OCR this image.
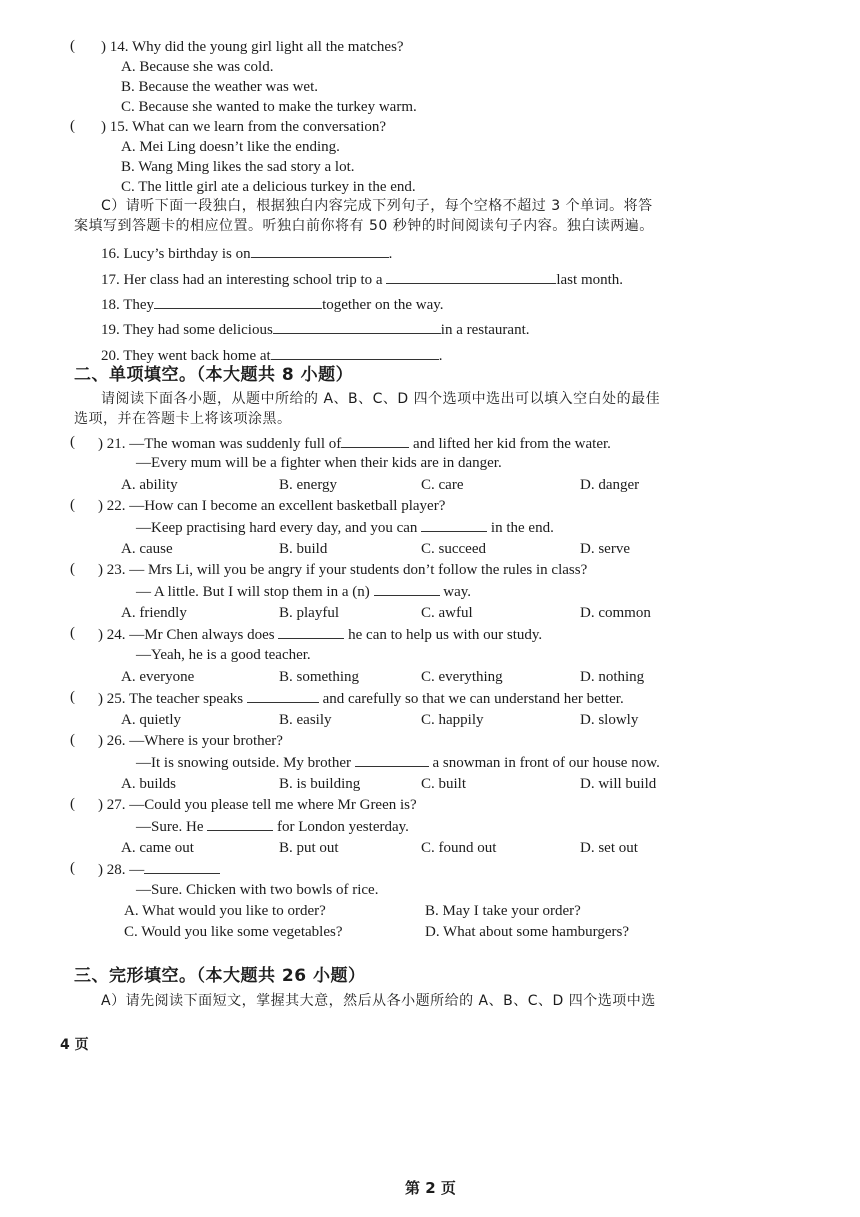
( ) 14. Why did the young girl light all the matches?
A. Because she was cold.
B. Because the weather was wet.
C. Because she wanted to make the turkey warm.
( ) 15. What can we learn from the conversation?
A. Mei Ling doesn’t like the ending.
B. Wang Ming likes the sad story a lot.
C. The little girl ate a delicious turkey in the end.
C）请听下面一段独白，根据独白内容完成下列句子，每个空格不超过 3 个单词。将答
案填写到答题卡的相应位置。听独白前你将有 50 秒钟的时间阅读句子内容。独白读两遍。
16. Lucy’s birthday is on	.
17. Her class had an interesting school trip to a	last month.
18. They	together on the way.
19. They had some delicious	in a restaurant.
20. They went back home at	.
二、单项填空。（本大题共 8 小题）
请阅读下面各小题，从题中所给的 A、B、C、D 四个选项中选出可以填入空白处的最佳
选项，并在答题卡上将该项涂黑。
( ) 21. —The woman was suddenly full of	and lifted her kid from the water.
—Every mum will be a fighter when their kids are in danger.
A. ability	B. energy	C. care	D. danger
( ) 22. —How can I become an excellent basketball player?
—Keep practising hard every day, and you can	in the end.
A. cause	B. build	C. succeed	D. serve
( ) 23. — Mrs Li, will you be angry if your students don’t follow the rules in class?
— A little. But I will stop them in a (n)	way.
A. friendly	B. playful	C. awful	D. common
( ) 24. —Mr Chen always does	he can to help us with our study.
—Yeah, he is a good teacher.
A. everyone	B. something	C. everything	D. nothing
( ) 25. The teacher speaks	and carefully so that we can understand her better.
A. quietly	B. easily	C. happily	D. slowly
( ) 26. —Where is your brother?
—It is snowing outside. My brother	a snowman in front of our house now.
A. builds	B. is building	C. built	D. will build
( ) 27. —Could you please tell me where Mr Green is?
—Sure. He	for London yesterday.
A. came out	B. put out	C. found out	D. set out
( ) 28. —
—Sure. Chicken with two bowls of rice.
A. What would you like to order?	B. May I take your order?
C. Would you like some vegetables?	D. What about some hamburgers?
三、完形填空。（本大题共 26 小题）
A）请先阅读下面短文，掌握其大意，然后从各小题所给的 A、B、C、D 四个选项中选
4 页
第 2 页
